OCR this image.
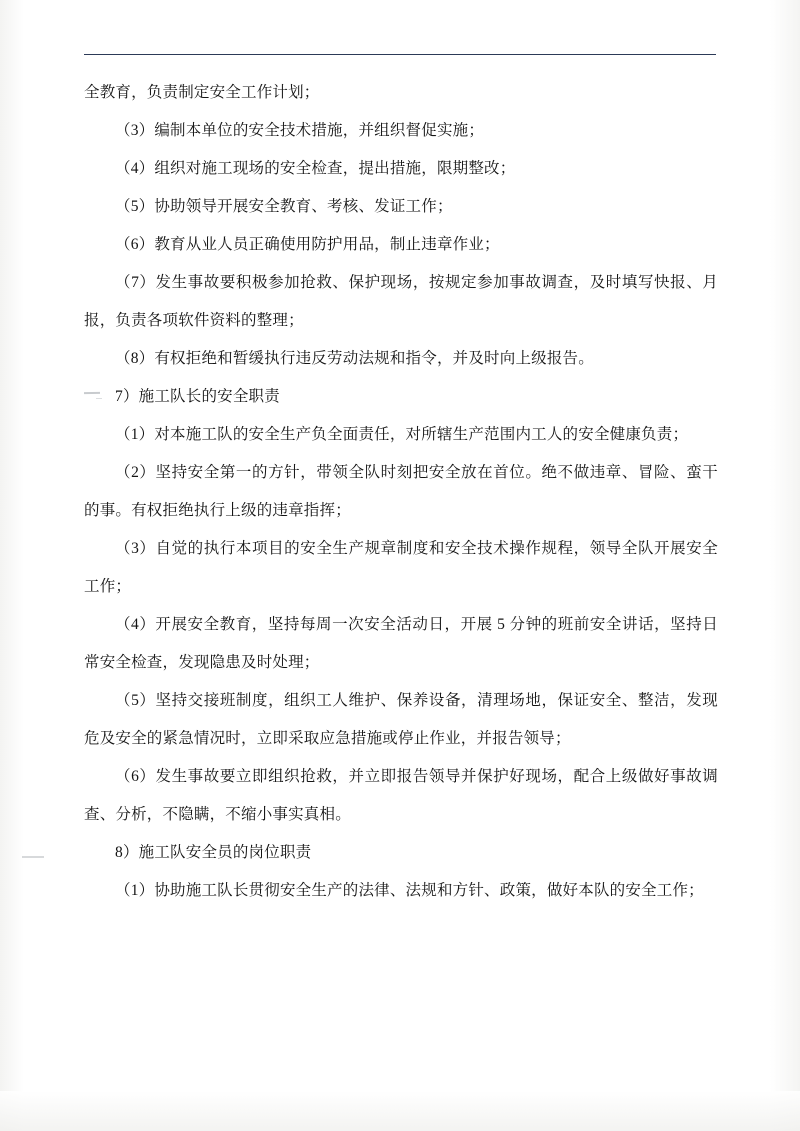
全教育，负责制定安全工作计划；

（3）编制本单位的安全技术措施，并组织督促实施；

（4）组织对施工现场的安全检查，提出措施，限期整改；

（5）协助领导开展安全教育、考核、发证工作；

（6）教育从业人员正确使用防护用品，制止违章作业；

（7）发生事故要积极参加抢救、保护现场，按规定参加事故调查，及时填写快报、月报，负责各项软件资料的整理；

（8）有权拒绝和暂缓执行违反劳动法规和指令，并及时向上级报告。

7）施工队长的安全职责

（1）对本施工队的安全生产负全面责任，对所辖生产范围内工人的安全健康负责；

（2）坚持安全第一的方针，带领全队时刻把安全放在首位。绝不做违章、冒险、蛮干的事。有权拒绝执行上级的违章指挥；

（3）自觉的执行本项目的安全生产规章制度和安全技术操作规程，领导全队开展安全工作；

（4）开展安全教育，坚持每周一次安全活动日，开展 5 分钟的班前安全讲话，坚持日常安全检查，发现隐患及时处理；

（5）坚持交接班制度，组织工人维护、保养设备，清理场地，保证安全、整洁，发现危及安全的紧急情况时，立即采取应急措施或停止作业，并报告领导；

（6）发生事故要立即组织抢救，并立即报告领导并保护好现场，配合上级做好事故调查、分析，不隐瞒，不缩小事实真相。

8）施工队安全员的岗位职责

（1）协助施工队长贯彻安全生产的法律、法规和方针、政策，做好本队的安全工作；
